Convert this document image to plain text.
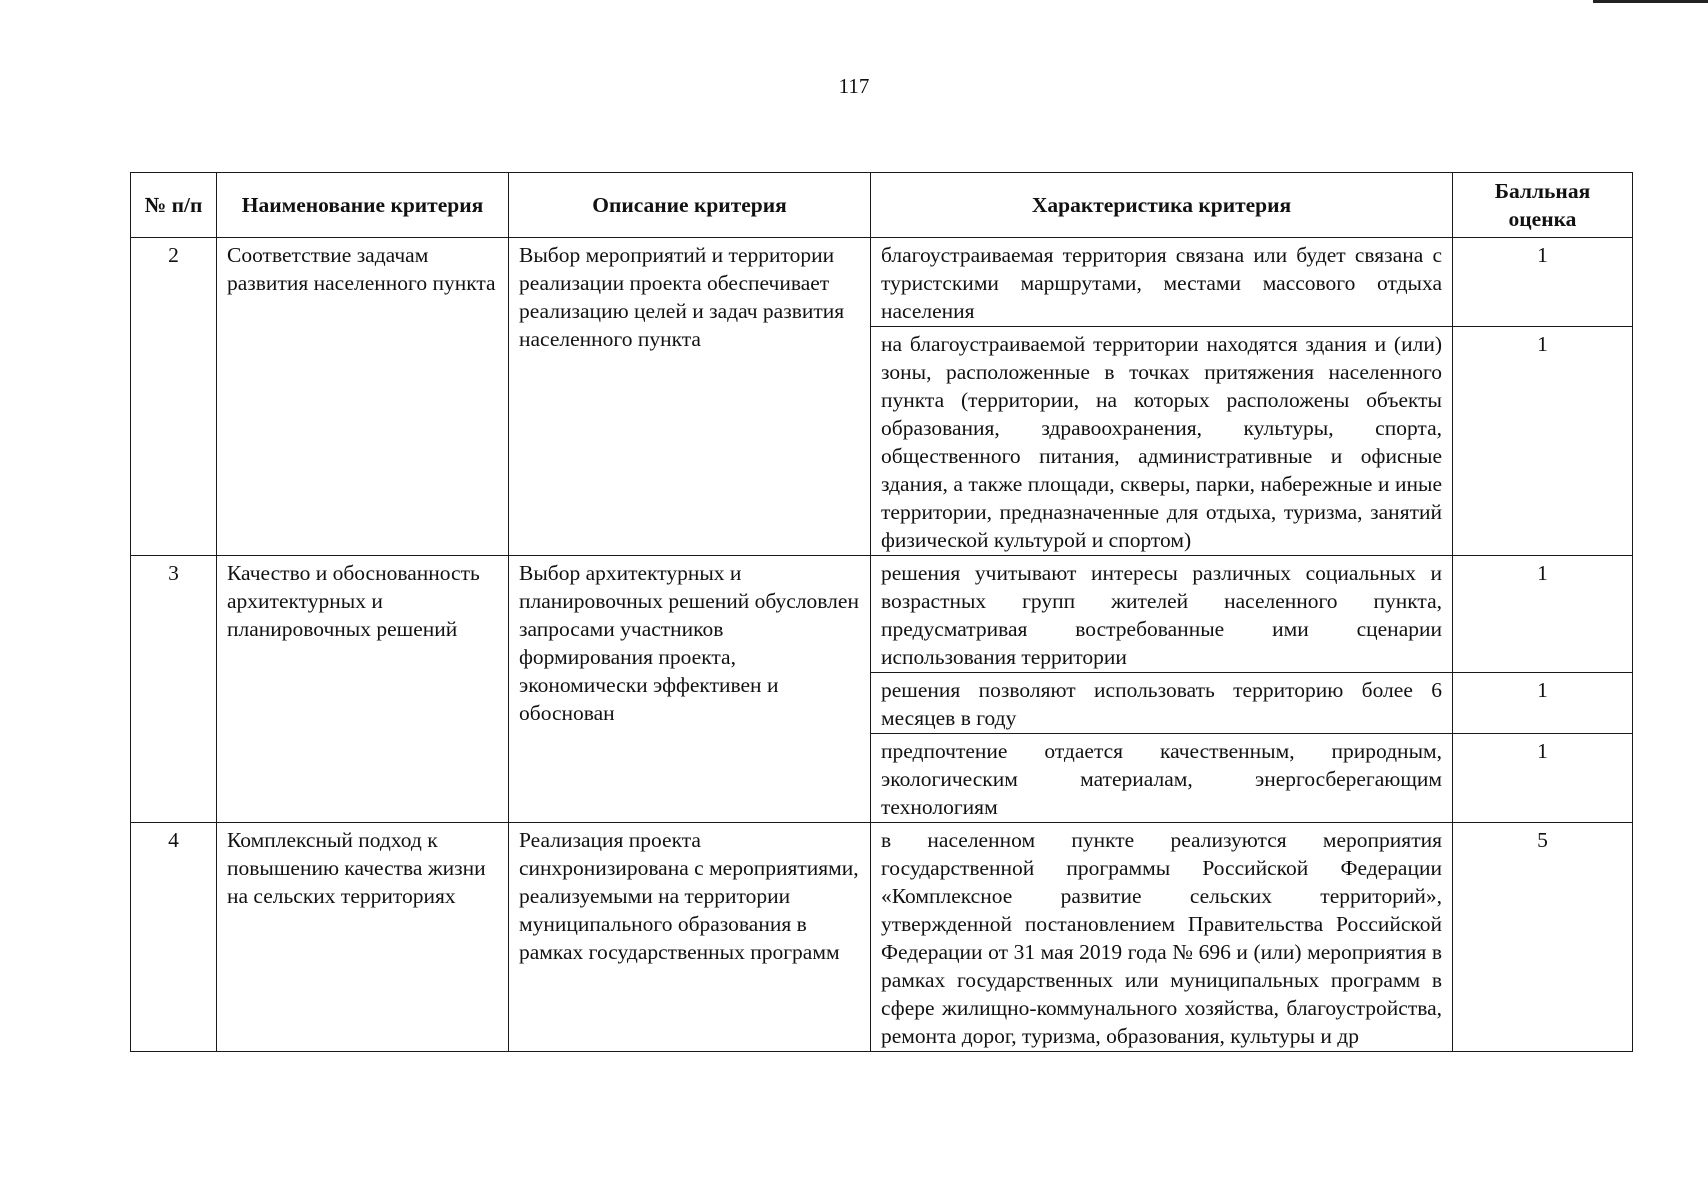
117
№ п/п	Наименование критерия	Описание критерия	Характеристика критерия	Балльная оценка
2	Соответствие задачам развития населенного пункта	Выбор мероприятий и территории реализации проекта обеспечивает реализацию целей и задач развития населенного пункта	благоустраиваемая территория связана или будет связана с туристскими маршрутами, местами массового отдыха населения	1
			на благоустраиваемой территории находятся здания и (или) зоны, расположенные в точках притяжения населенного пункта (территории, на которых расположены объекты образования, здравоохранения, культуры, спорта, общественного питания, административные и офисные здания, а также площади, скверы, парки, набережные и иные территории, предназначенные для отдыха, туризма, занятий физической культурой и спортом)	1
3	Качество и обоснованность архитектурных и планировочных решений	Выбор архитектурных и планировочных решений обусловлен запросами участников формирования проекта, экономически эффективен и обоснован	решения учитывают интересы различных социальных и возрастных групп жителей населенного пункта, предусматривая востребованные ими сценарии использования территории	1
			решения позволяют использовать территорию более 6 месяцев в году	1
			предпочтение отдается качественным, природным, экологическим материалам, энергосберегающим технологиям	1
4	Комплексный подход к повышению качества жизни на сельских территориях	Реализация проекта синхронизирована с мероприятиями, реализуемыми на территории муниципального образования в рамках государственных программ	в населенном пункте реализуются мероприятия государственной программы Российской Федерации «Комплексное развитие сельских территорий», утвержденной постановлением Правительства Российской Федерации от 31 мая 2019 года № 696 и (или) мероприятия в рамках государственных или муниципальных программ в сфере жилищно-коммунального хозяйства, благоустройства, ремонта дорог, туризма, образования, культуры и др	5
